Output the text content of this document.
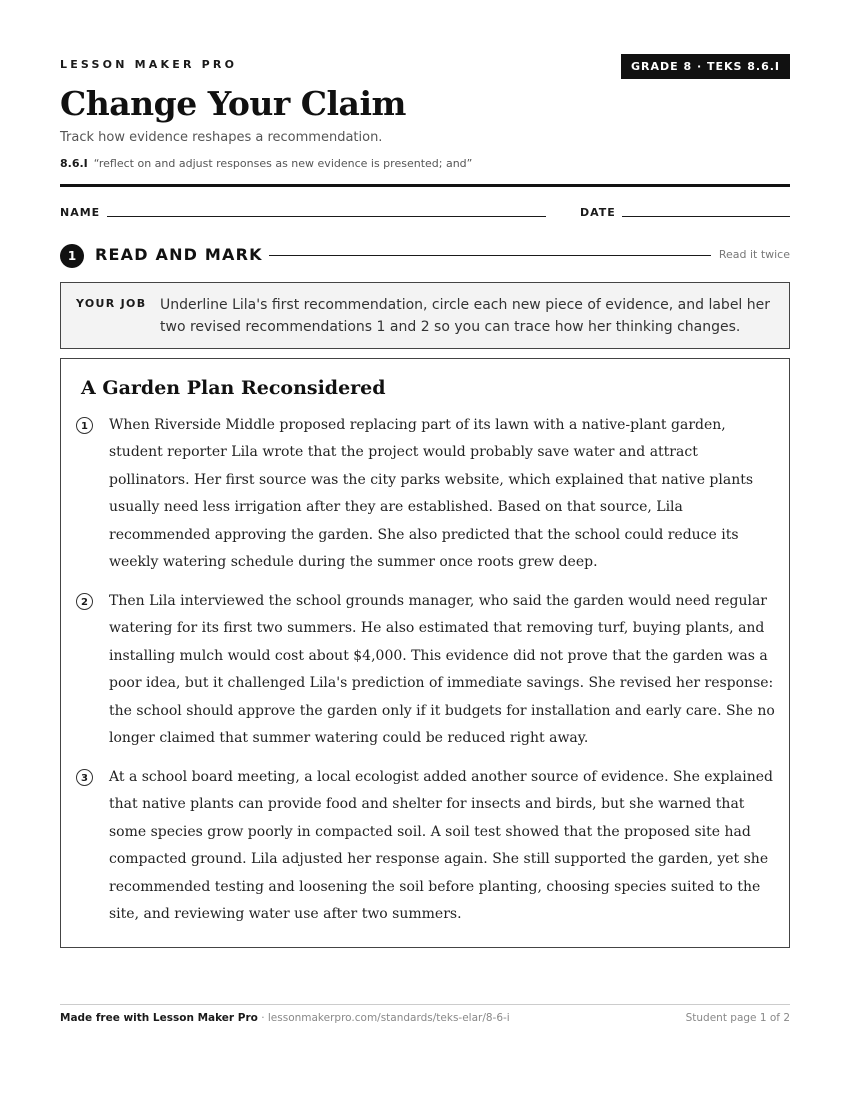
LESSON MAKER PRO	GRADE 8 · TEKS 8.6.I
Change Your Claim
Track how evidence reshapes a recommendation.
8.6.I “reflect on and adjust responses as new evidence is presented; and”
NAME	DATE
1	READ AND MARK	Read it twice
YOUR JOB Underline Lila's first recommendation, circle each new piece of evidence, and label her two revised recommendations 1 and 2 so you can trace how her thinking changes.
A Garden Plan Reconsidered
1	When Riverside Middle proposed replacing part of its lawn with a native-plant garden, student reporter Lila wrote that the project would probably save water and attract pollinators. Her first source was the city parks website, which explained that native plants usually need less irrigation after they are established. Based on that source, Lila recommended approving the garden. She also predicted that the school could reduce its weekly watering schedule during the summer once roots grew deep.

2	Then Lila interviewed the school grounds manager, who said the garden would need regular watering for its first two summers. He also estimated that removing turf, buying plants, and installing mulch would cost about $4,000. This evidence did not prove that the garden was a poor idea, but it challenged Lila's prediction of immediate savings. She revised her response: the school should approve the garden only if it budgets for installation and early care. She no longer claimed that summer watering could be reduced right away.

3	At a school board meeting, a local ecologist added another source of evidence. She explained that native plants can provide food and shelter for insects and birds, but she warned that some species grow poorly in compacted soil. A soil test showed that the proposed site had compacted ground. Lila adjusted her response again. She still supported the garden, yet she recommended testing and loosening the soil before planting, choosing species suited to the site, and reviewing water use after two summers.

Made free with Lesson Maker Pro · lessonmakerpro.com/standards/teks-elar/8-6-i	Student page 1 of 2
